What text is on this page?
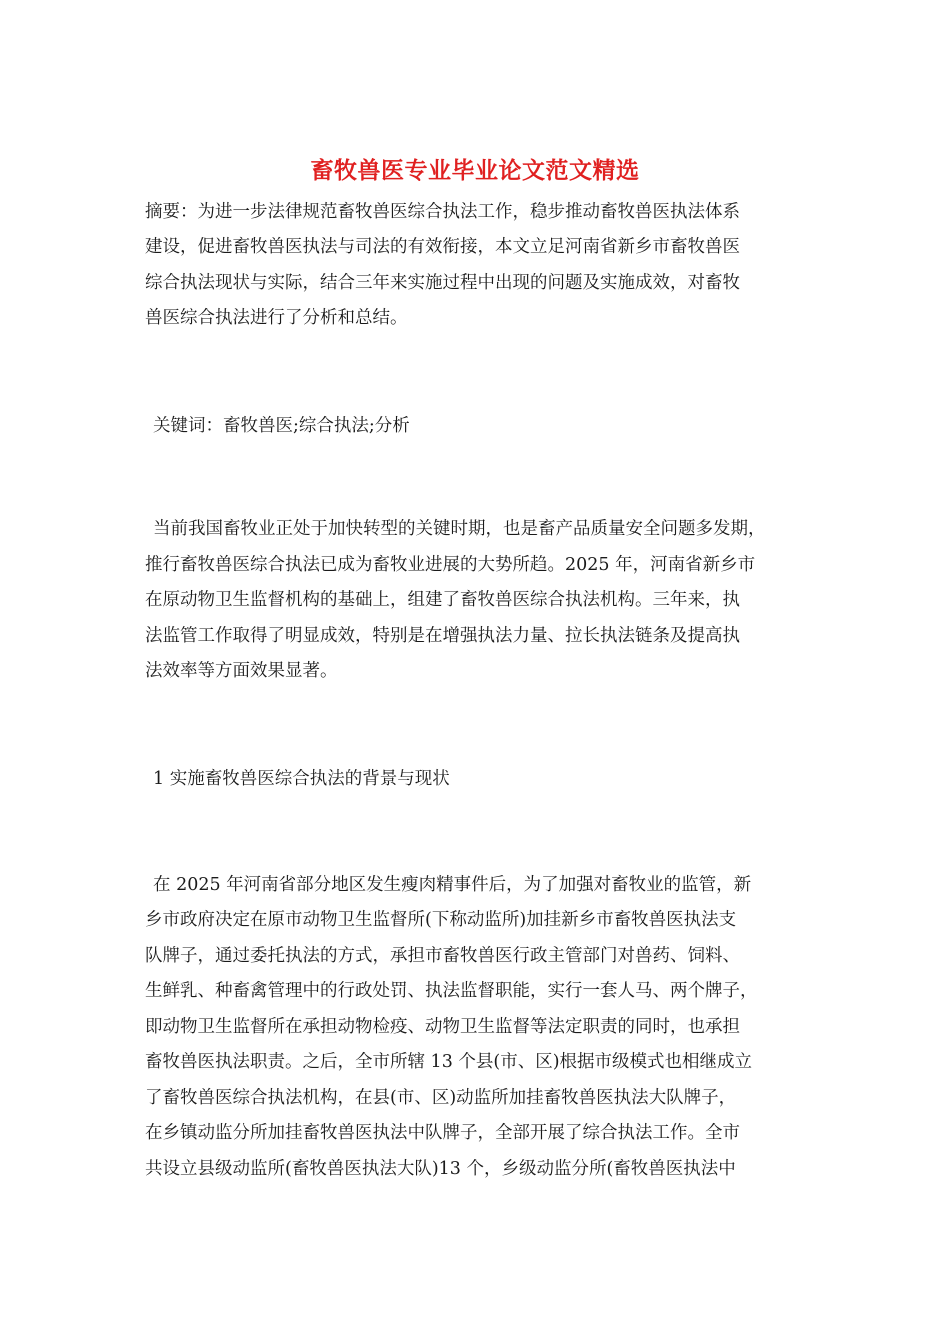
畜牧兽医专业毕业论文范文精选
摘要：为进一步法律规范畜牧兽医综合执法工作，稳步推动畜牧兽医执法体系
建设，促进畜牧兽医执法与司法的有效衔接，本文立足河南省新乡市畜牧兽医
综合执法现状与实际，结合三年来实施过程中出现的问题及实施成效，对畜牧
兽医综合执法进行了分析和总结。
关键词：畜牧兽医;综合执法;分析
当前我国畜牧业正处于加快转型的关键时期，也是畜产品质量安全问题多发期，
推行畜牧兽医综合执法已成为畜牧业进展的大势所趋。2025 年，河南省新乡市
在原动物卫生监督机构的基础上，组建了畜牧兽医综合执法机构。三年来，执
法监管工作取得了明显成效，特别是在增强执法力量、拉长执法链条及提高执
法效率等方面效果显著。
1 实施畜牧兽医综合执法的背景与现状
在 2025 年河南省部分地区发生瘦肉精事件后，为了加强对畜牧业的监管，新
乡市政府决定在原市动物卫生监督所(下称动监所)加挂新乡市畜牧兽医执法支
队牌子，通过委托执法的方式，承担市畜牧兽医行政主管部门对兽药、饲料、
生鲜乳、种畜禽管理中的行政处罚、执法监督职能，实行一套人马、两个牌子，
即动物卫生监督所在承担动物检疫、动物卫生监督等法定职责的同时，也承担
畜牧兽医执法职责。之后，全市所辖 13 个县(市、区)根据市级模式也相继成立
了畜牧兽医综合执法机构，在县(市、区)动监所加挂畜牧兽医执法大队牌子，
在乡镇动监分所加挂畜牧兽医执法中队牌子，全部开展了综合执法工作。全市
共设立县级动监所(畜牧兽医执法大队)13 个，乡级动监分所(畜牧兽医执法中
